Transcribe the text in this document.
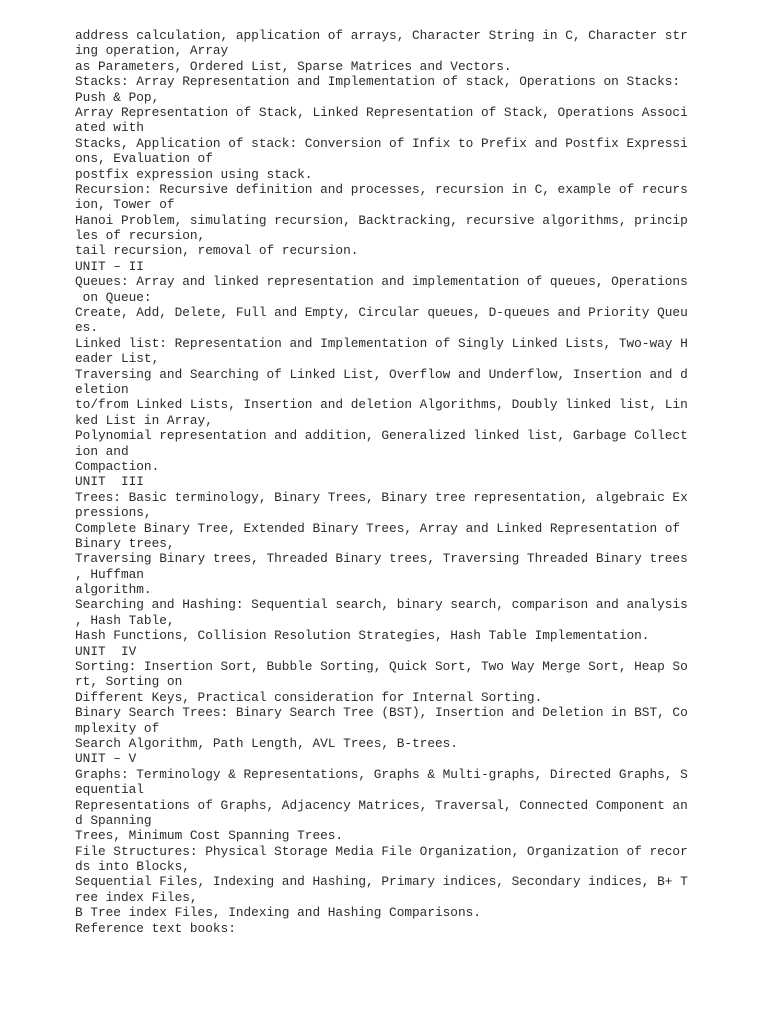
address calculation, application of arrays, Character String in C, Character str
ing operation, Array
as Parameters, Ordered List, Sparse Matrices and Vectors.
Stacks: Array Representation and Implementation of stack, Operations on Stacks:
Push & Pop,
Array Representation of Stack, Linked Representation of Stack, Operations Associ
ated with
Stacks, Application of stack: Conversion of Infix to Prefix and Postfix Expressi
ons, Evaluation of
postfix expression using stack.
Recursion: Recursive definition and processes, recursion in C, example of recurs
ion, Tower of
Hanoi Problem, simulating recursion, Backtracking, recursive algorithms, princip
les of recursion,
tail recursion, removal of recursion.
UNIT – II
Queues: Array and linked representation and implementation of queues, Operations
on Queue:
Create, Add, Delete, Full and Empty, Circular queues, D-queues and Priority Queu
es.
Linked list: Representation and Implementation of Singly Linked Lists, Two-way H
eader List,
Traversing and Searching of Linked List, Overflow and Underflow, Insertion and d
eletion
to/from Linked Lists, Insertion and deletion Algorithms, Doubly linked list, Lin
ked List in Array,
Polynomial representation and addition, Generalized linked list, Garbage Collect
ion and
Compaction.
UNIT  III
Trees: Basic terminology, Binary Trees, Binary tree representation, algebraic Ex
pressions,
Complete Binary Tree, Extended Binary Trees, Array and Linked Representation of
Binary trees,
Traversing Binary trees, Threaded Binary trees, Traversing Threaded Binary trees
, Huffman
algorithm.
Searching and Hashing: Sequential search, binary search, comparison and analysis
, Hash Table,
Hash Functions, Collision Resolution Strategies, Hash Table Implementation.
UNIT  IV
Sorting: Insertion Sort, Bubble Sorting, Quick Sort, Two Way Merge Sort, Heap So
rt, Sorting on
Different Keys, Practical consideration for Internal Sorting.
Binary Search Trees: Binary Search Tree (BST), Insertion and Deletion in BST, Co
mplexity of
Search Algorithm, Path Length, AVL Trees, B-trees.
UNIT – V
Graphs: Terminology & Representations, Graphs & Multi-graphs, Directed Graphs, S
equential
Representations of Graphs, Adjacency Matrices, Traversal, Connected Component an
d Spanning
Trees, Minimum Cost Spanning Trees.
File Structures: Physical Storage Media File Organization, Organization of recor
ds into Blocks,
Sequential Files, Indexing and Hashing, Primary indices, Secondary indices, B+ T
ree index Files,
B Tree index Files, Indexing and Hashing Comparisons.
Reference text books:
